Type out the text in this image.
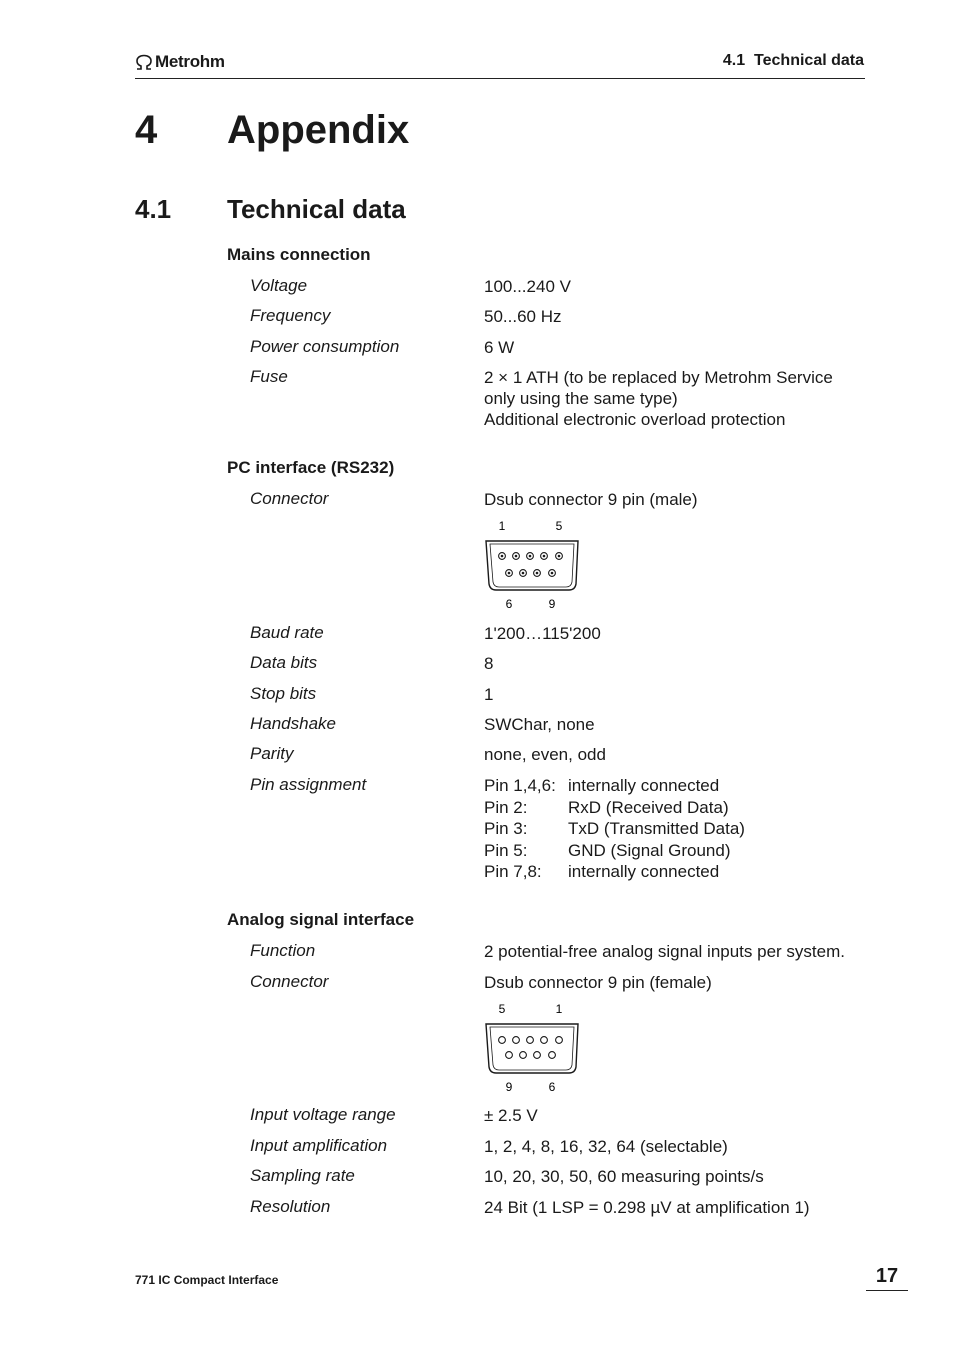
Metrohm	4.1  Technical data
4 Appendix
4.1 Technical data
Mains connection
Voltage	100...240 V
Frequency	50...60 Hz
Power consumption	6 W
Fuse	2 × 1 ATH (to be replaced by Metrohm Service
only using the same type)
Additional electronic overload protection
PC interface (RS232)
Connector	Dsub connector 9 pin (male)
1	5
6	9
Baud rate	1'200…115'200
Data bits	8
Stop bits	1
Handshake	SWChar, none
Parity	none, even, odd
Pin assignment	Pin 1,4,6: internally connected
Pin 2:	RxD (Received Data)
Pin 3:	TxD (Transmitted Data)
Pin 5:	GND (Signal Ground)
Pin 7,8:	internally connected
Analog signal interface
Function	2 potential-free analog signal inputs per system.
Connector	Dsub connector 9 pin (female)
5	1
9	6
Input voltage range	± 2.5 V
Input amplification	1, 2, 4, 8, 16, 32, 64 (selectable)
Sampling rate	10, 20, 30, 50, 60 measuring points/s
Resolution	24 Bit (1 LSP = 0.298 µV at amplification 1)
771 IC Compact Interface	17
